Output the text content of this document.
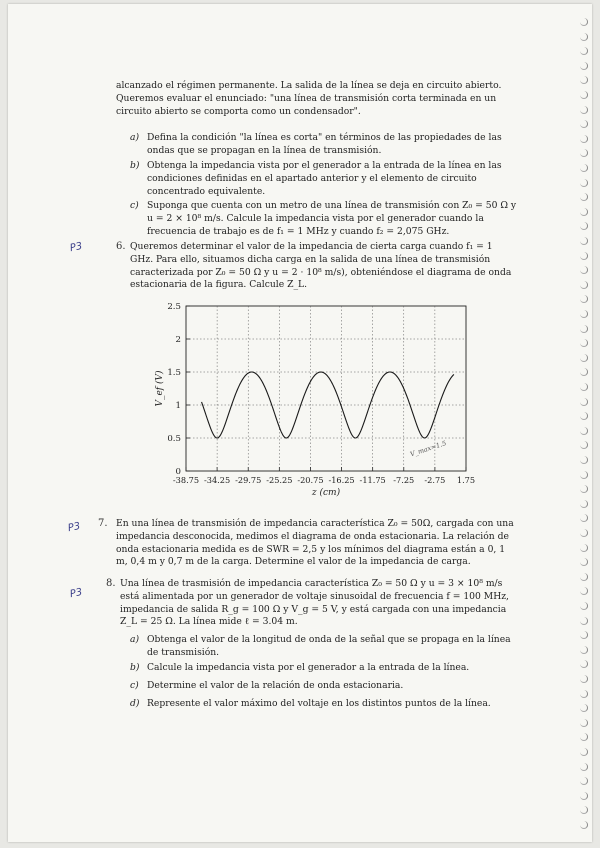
alcanzado el régimen permanente. La salida de la línea se deja en circuito abierto. Queremos evaluar el enunciado: "una línea de transmisión corta terminada en un circuito abierto se comporta como un condensador".

a) Defina la condición "la línea es corta" en términos de las propiedades de las ondas que se propagan en la línea de transmisión.

b) Obtenga la impedancia vista por el generador a la entrada de la línea en las condiciones definidas en el apartado anterior y el elemento de circuito concentrado equivalente.

c) Suponga que cuenta con un metro de una línea de transmisión con Z₀ = 50 Ω y u = 2 × 10⁸ m/s. Calcule la impedancia vista por el generador cuando la frecuencia de trabajo es de f₁ = 1 MHz y cuando f₂ = 2,075 GHz.

P3	6. Queremos determinar el valor de la impedancia de cierta carga cuando f₁ = 1 GHz. Para ello, situamos dicha carga en la salida de una línea de transmisión caracterizada por Z₀ = 50 Ω y u = 2 · 10⁸ m/s), obteniéndose el diagrama de onda estacionaria de la figura. Calcule Z_L.

-38.75 -34.25 -29.75 -25.25 -20.75 -16.25 -11.75 -7.25 -2.75 1.75
0
0.5
1
1.5
2
2.5
z (cm)
V_ef (V)
V_max=1.5
P3 7. En una línea de transmisión de impedancia característica Z₀ = 50Ω, cargada con una impedancia desconocida, medimos el diagrama de onda estacionaria. La relación de onda estacionaria medida es de SWR = 2,5 y los mínimos del diagrama están a 0, 1 m, 0,4 m y 0,7 m de la carga. Determine el valor de la impedancia de carga.

P3
8. Una línea de trasmisión de impedancia característica Z₀ = 50 Ω y u = 3 × 10⁸ m/s está alimentada por un generador de voltaje sinusoidal de frecuencia f = 100 MHz, impedancia de salida R_g = 100 Ω y V_g = 5 V, y está cargada con una impedancia Z_L = 25 Ω. La línea mide ℓ = 3.04 m.

a) Obtenga el valor de la longitud de onda de la señal que se propaga en la línea de transmisión.

b) Calcule la impedancia vista por el generador a la entrada de la línea.

c) Determine el valor de la relación de onda estacionaria.

d) Represente el valor máximo del voltaje en los distintos puntos de la línea.
